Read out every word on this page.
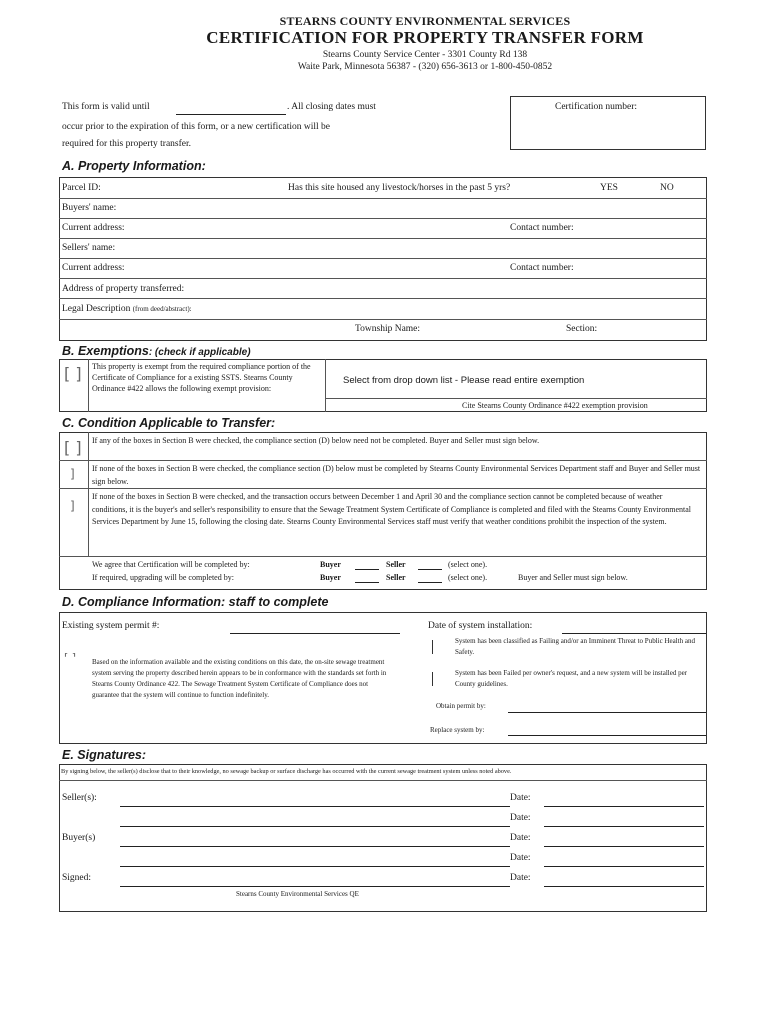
STEARNS COUNTY ENVIRONMENTAL SERVICES
CERTIFICATION FOR PROPERTY TRANSFER FORM
Stearns County Service Center - 3301 County Rd 138
Waite Park, Minnesota 56387 - (320) 656-3613 or 1-800-450-0852
This form is valid until	. All closing dates must
occur prior to the expiration of this form, or a new certification will be
required for this property transfer.
Certification number:
A. Property Information:
Parcel ID:	Has this site housed any livestock/horses in the past 5 yrs?	YES	NO
Buyers' name:
Current address:	Contact number:
Sellers' name:
Current address:	Contact number:
Address of property transferred:
Legal Description (from deed/abstract):
Township Name:	Section:
B. Exemptions: (check if applicable)
[ ] This property is exempt from the required compliance portion of the Certificate of Compliance for a existing SSTS. Stearns County Ordinance #422 allows the following exempt provision:
Select from drop down list - Please read entire exemption
Cite Stearns County Ordinance #422 exemption provision
C. Condition Applicable to Transfer:
[ ] If any of the boxes in Section B were checked, the compliance section (D) below need not be completed. Buyer and Seller must sign below.
] If none of the boxes in Section B were checked, the compliance section (D) below must be completed by Stearns County Environmental Services Department staff and Buyer and Seller must sign below.
]
If none of the boxes in Section B were checked, and the transaction occurs between December 1 and April 30 and the compliance section cannot be completed because of weather conditions, it is the buyer's and seller's responsibility to ensure that the Sewage Treatment System Certificate of Compliance is completed and filed with the Stearns County Environmental Services Department by June 15, following the closing date. Stearns County Environmental Services staff must verify that weather conditions prohibit the inspection of the system.
We agree that Certification will be completed by:	Buyer	Seller	(select one).
If required, upgrading will be completed by:	Buyer	Seller	(select one).	Buyer and Seller must sign below.
D. Compliance Information: staff to complete
Existing system permit #:	Date of system installation:
⸢ ⸣ Based on the information available and the existing conditions on this date, the on-site sewage treatment system serving the property described herein appears to be in conformance with the standards set forth in Stearns County Ordinance 422. The Sewage Treatment System Certificate of Compliance does not guarantee that the system will continue to function indefinitely.
System has been classified as Failing and/or an Imminent Threat to Public Health and Safety.
System has been Failed per owner's request, and a new system will be installed per County guidelines.
Obtain permit by:
Replace system by:
E. Signatures:
By signing below, the seller(s) disclose that to their knowledge, no sewage backup or surface discharge has occurred with the current sewage treatment system unless noted above.
Seller(s):	Date:
Date:
Buyer(s)	Date:
Date:
Signed:	Date:
Stearns County Environmental Services QE
